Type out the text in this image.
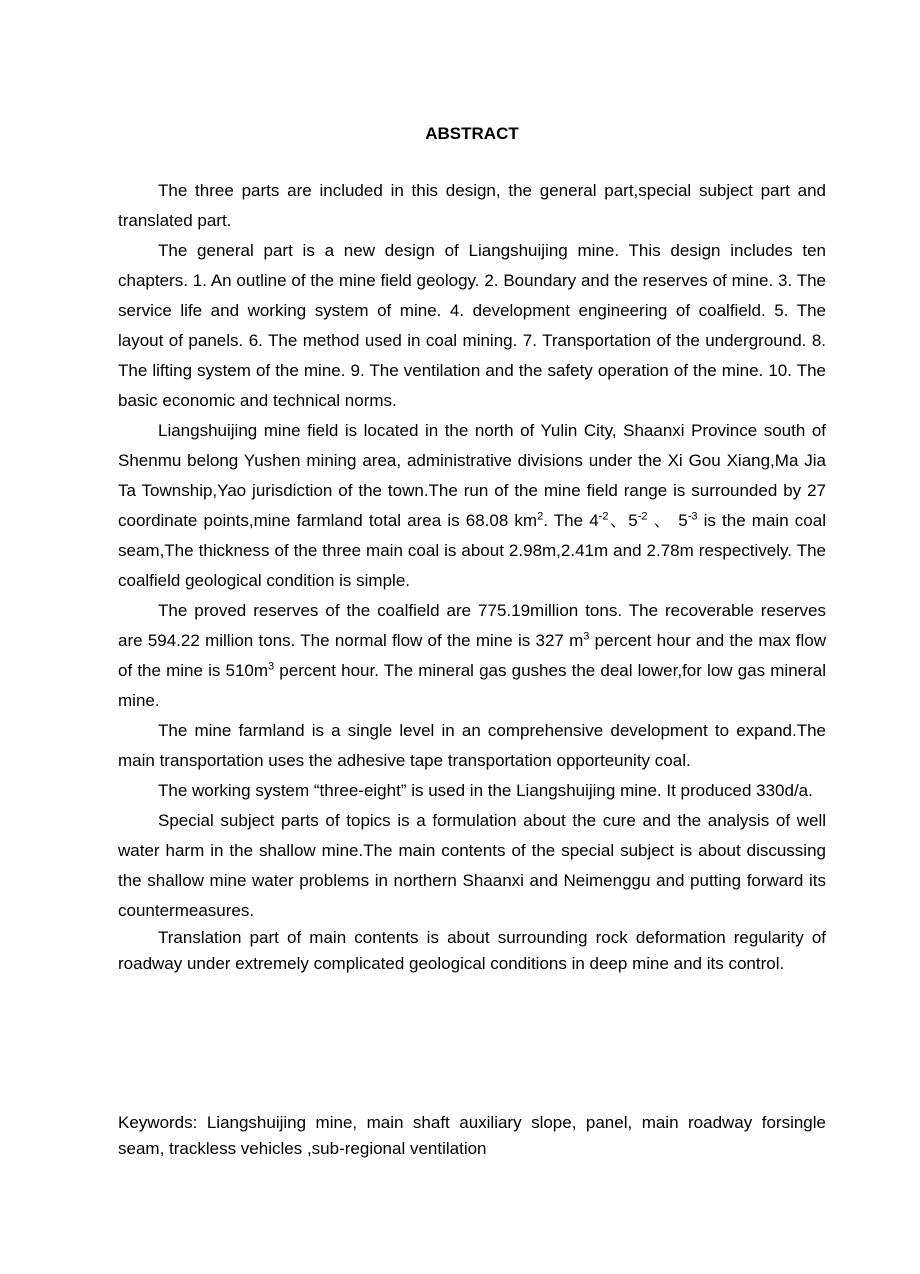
ABSTRACT

The three parts are included in this design, the general part,special subject part and translated part.

The general part is a new design of Liangshuijing mine. This design includes ten chapters. 1. An outline of the mine field geology. 2. Boundary and the reserves of mine. 3. The service life and working system of mine. 4. development engineering of coalfield. 5. The layout of panels. 6. The method used in coal mining. 7. Transportation of the underground. 8. The lifting system of the mine. 9. The ventilation and the safety operation of the mine. 10. The basic economic and technical norms.

Liangshuijing mine field is located in the north of Yulin City, Shaanxi Province south of Shenmu belong Yushen mining area, administrative divisions under the Xi Gou Xiang,Ma Jia Ta Township,Yao jurisdiction of the town.The run of the mine field range is surrounded by 27 coordinate points,mine farmland total area is 68.08 $km^2$. The $4^{-2}$、$5^{-2}$ 、 $5^{-3}$ is the main coal seam,The thickness of the three main coal is about 2.98m,2.41m and 2.78m respectively. The coalfield geological condition is simple.

The proved reserves of the coalfield are 775.19million tons. The recoverable reserves are 594.22 million tons. The normal flow of the mine is 327 $m^3$ percent hour and the max flow of the mine is $510m^3$ percent hour. The mineral gas gushes the deal lower,for low gas mineral mine.

The mine farmland is a single level in an comprehensive development to expand.The main transportation uses the adhesive tape transportation opporteunity coal.

The working system “three-eight” is used in the Liangshuijing mine. It produced 330d/a.

Special subject parts of topics is a formulation about the cure and the analysis of well water harm in the shallow mine.The main contents of the special subject is about discussing the shallow mine water problems in northern Shaanxi and Neimenggu and putting forward its countermeasures.

Translation part of main contents is about surrounding rock deformation regularity of roadway under extremely complicated geological conditions in deep mine and its control.

Keywords: Liangshuijing mine, main shaft auxiliary slope, panel, main roadway forsingle seam, trackless vehicles ,sub-regional ventilation
